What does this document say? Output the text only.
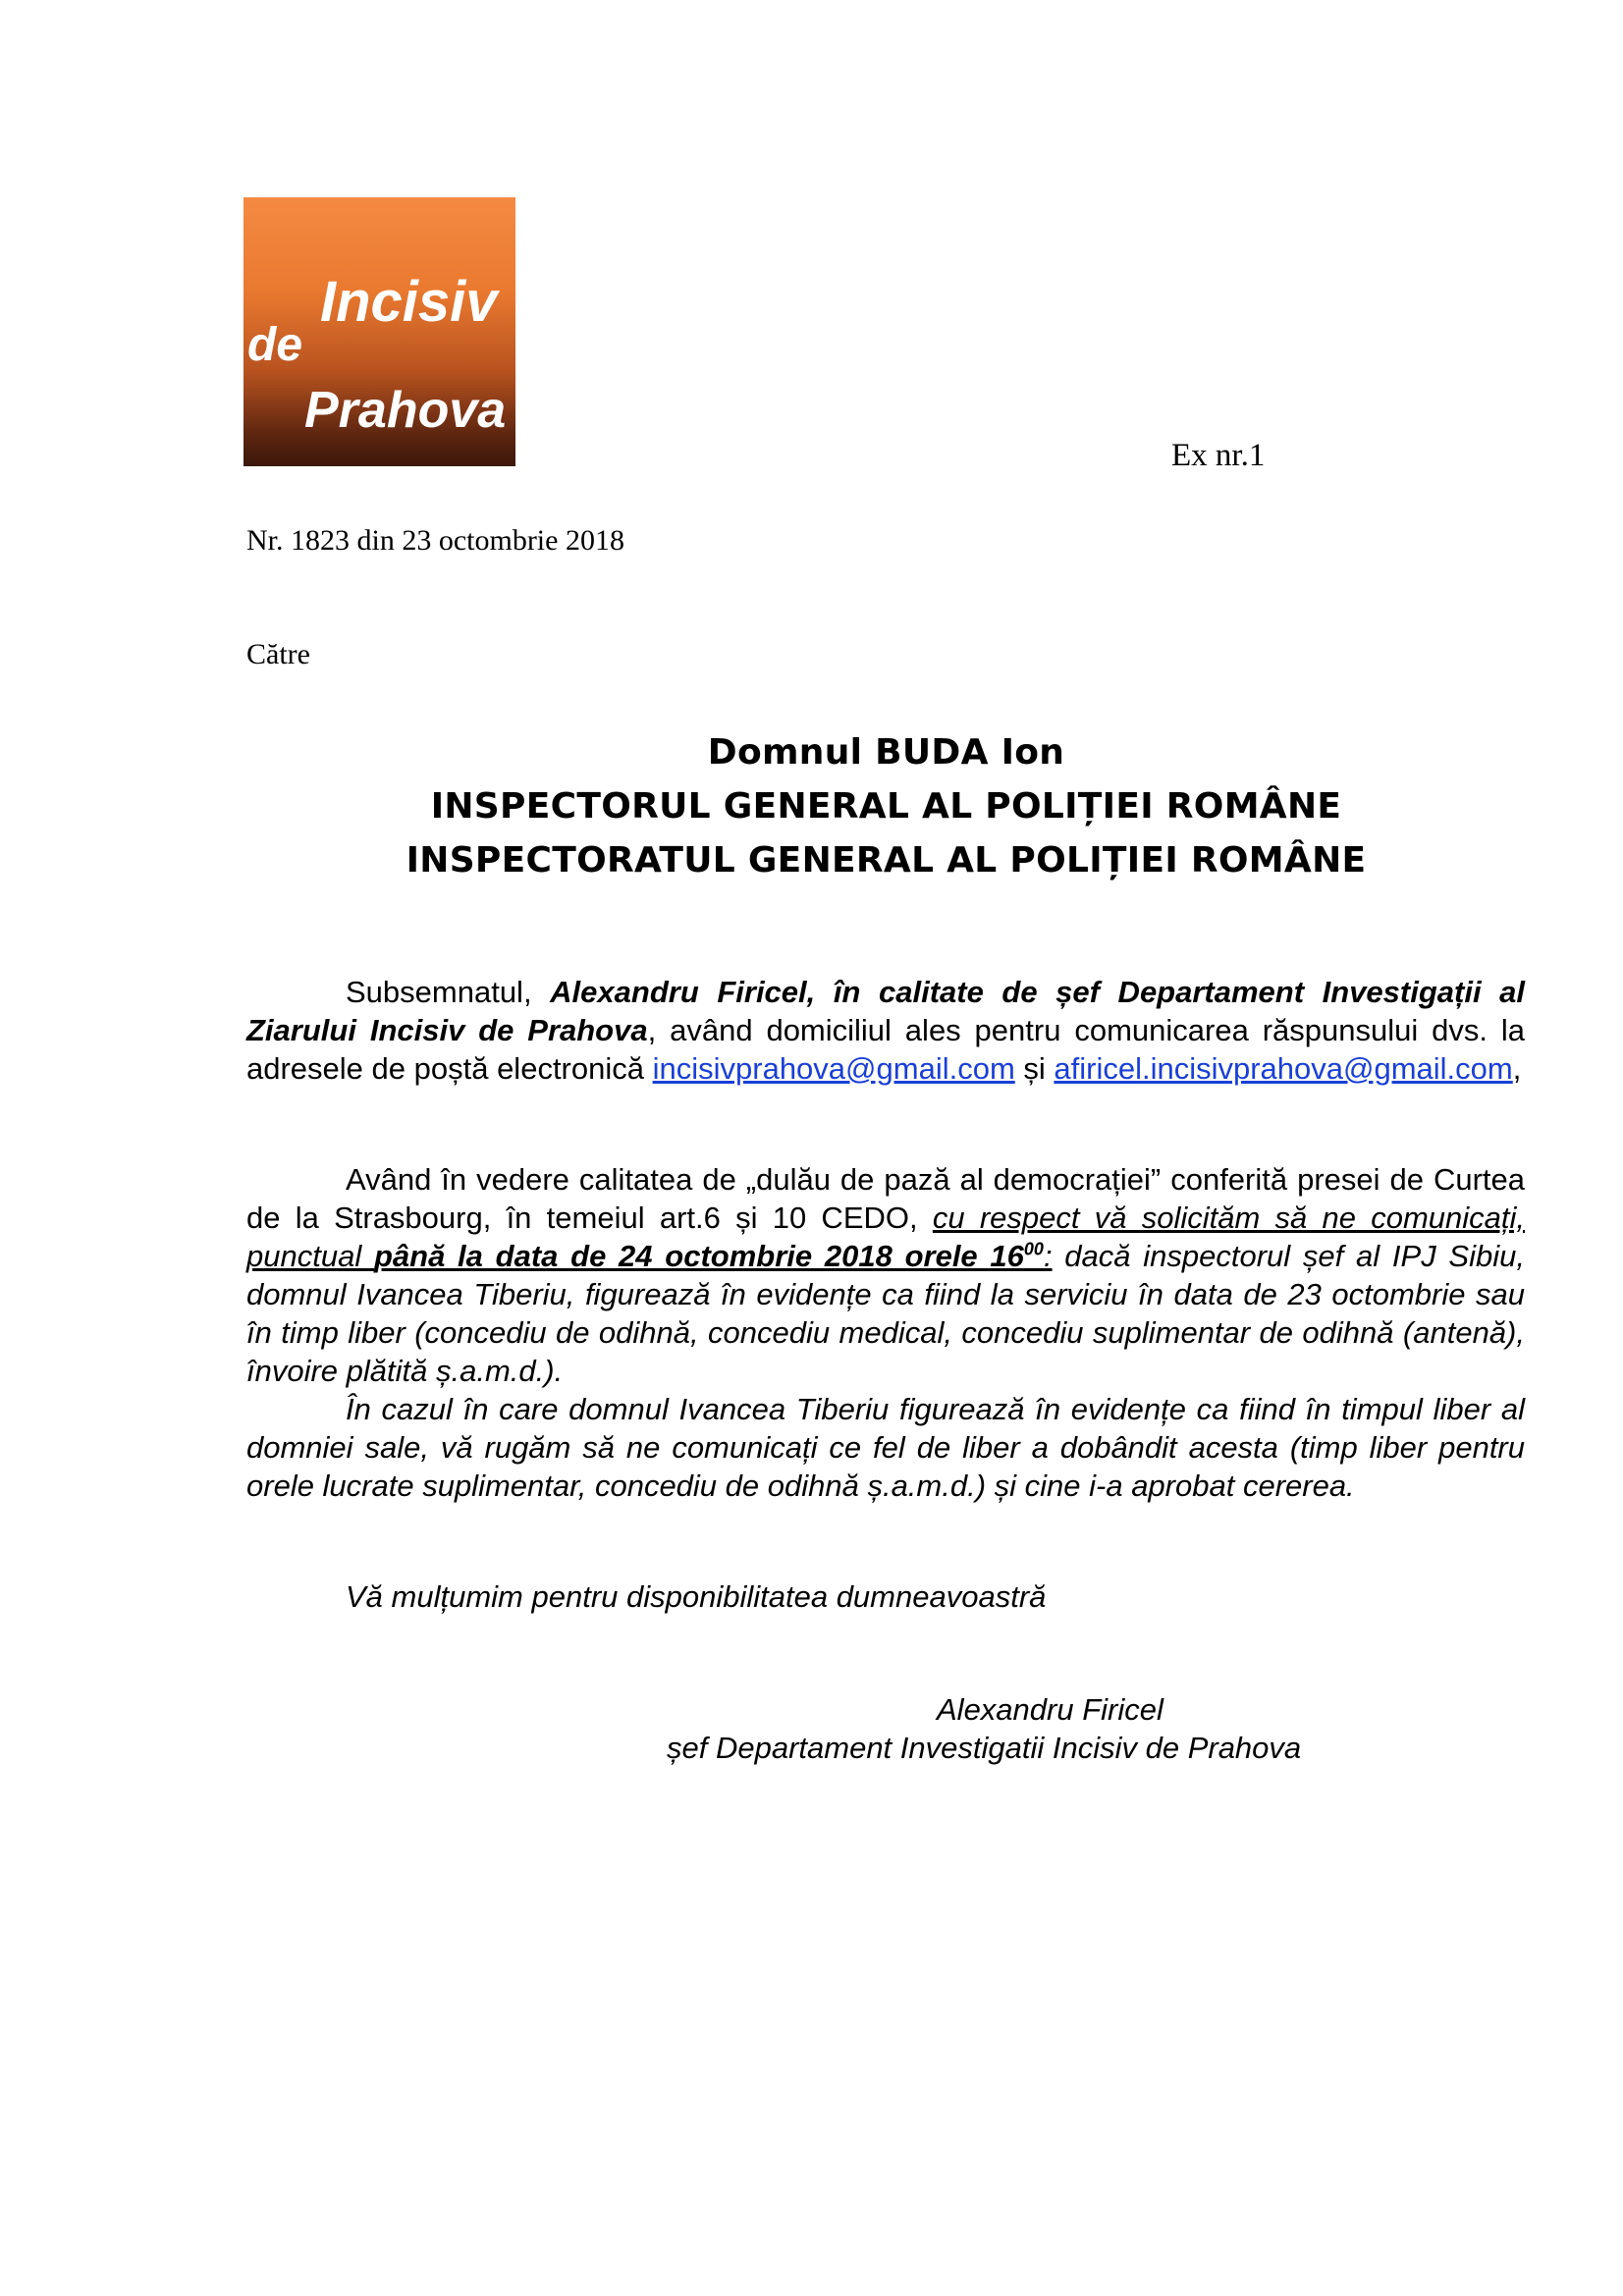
Incisiv
de
Prahova
Ex nr.1
Nr. 1823 din 23 octombrie 2018
Către
Domnul BUDA Ion
INSPECTORUL GENERAL AL POLIȚIEI ROMÂNE
INSPECTORATUL GENERAL AL POLIȚIEI ROMÂNE

Subsemnatul, Alexandru Firicel, în calitate de șef Departament Investigații al Ziarului Incisiv de Prahova, având domiciliul ales pentru comunicarea răspunsului dvs. la adresele de poștă electronică incisivprahova@gmail.com și afiricel.incisivprahova@gmail.com,

Având în vedere calitatea de „dulău de pază al democrației” conferită presei de Curtea de la Strasbourg, în temeiul art.6 și 10 CEDO, cu respect vă solicităm să ne comunicați, punctual până la data de 24 octombrie 2018 orele $16^{00}$: dacă inspectorul șef al IPJ Sibiu, domnul Ivancea Tiberiu, figurează în evidențe ca fiind la serviciu în data de 23 octombrie sau în timp liber (concediu de odihnă, concediu medical, concediu suplimentar de odihnă (antenă), învoire plătită ș.a.m.d.).

În cazul în care domnul Ivancea Tiberiu figurează în evidențe ca fiind în timpul liber al domniei sale, vă rugăm să ne comunicați ce fel de liber a dobândit acesta (timp liber pentru orele lucrate suplimentar, concediu de odihnă ș.a.m.d.) și cine i-a aprobat cererea.

Vă mulțumim pentru disponibilitatea dumneavoastră

Alexandru Firicel
șef Departament Investigatii Incisiv de Prahova
